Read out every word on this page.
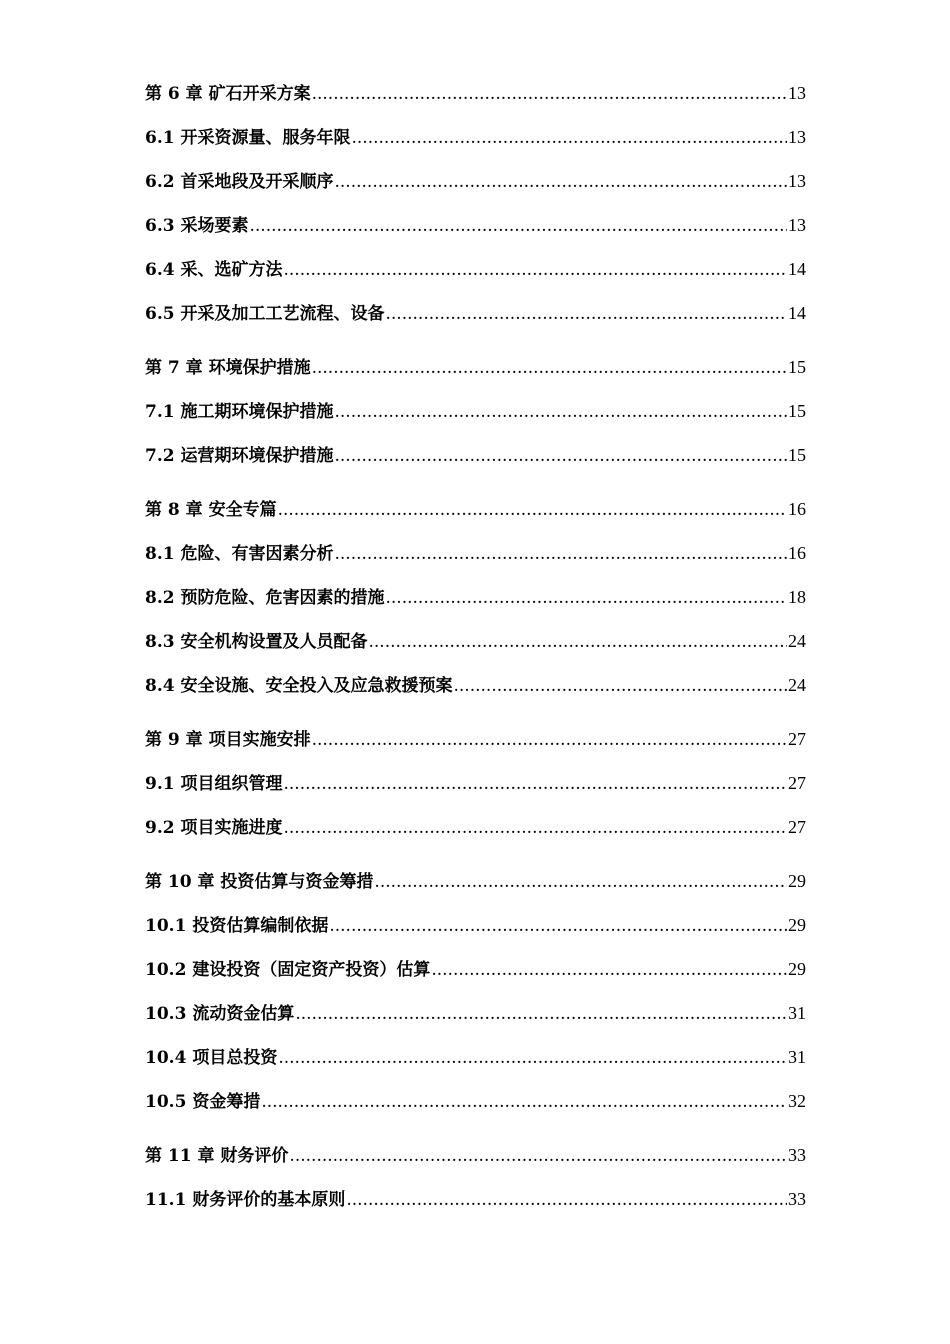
第 6 章 矿石开采方案 .....	13
6.1 开采资源量、服务年限 .....	13
6.2 首采地段及开采顺序 .....	13
6.3 采场要素 .....	13
6.4 采、选矿方法 .....	14
6.5 开采及加工工艺流程、设备 .....	14
第 7 章 环境保护措施 .....	15
7.1 施工期环境保护措施 .....	15
7.2 运营期环境保护措施 .....	15
第 8 章 安全专篇 .....	16
8.1 危险、有害因素分析 .....	16
8.2 预防危险、危害因素的措施 .....	18
8.3 安全机构设置及人员配备 .....	24
8.4 安全设施、安全投入及应急救援预案 .....	24
第 9 章 项目实施安排 .....	27
9.1 项目组织管理 .....	27
9.2 项目实施进度 .....	27
第 10 章 投资估算与资金筹措 .....	29
10.1 投资估算编制依据 .....	29
10.2 建设投资（固定资产投资）估算 .....	29
10.3 流动资金估算 .....	31
10.4 项目总投资 .....	31
10.5 资金筹措 .....	32
第 11 章 财务评价 .....	33
11.1 财务评价的基本原则 .....	33
